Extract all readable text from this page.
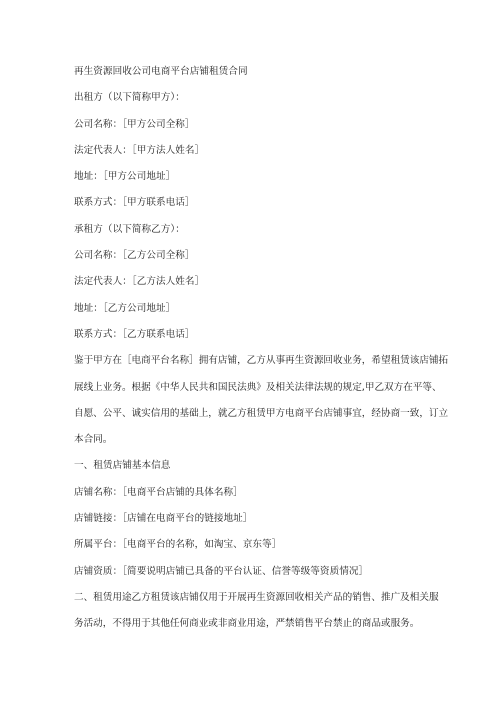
再生资源回收公司电商平台店铺租赁合同
出租方（以下简称甲方）：
公司名称：［甲方公司全称］
法定代表人：［甲方法人姓名］
地址：［甲方公司地址］
联系方式：［甲方联系电话］
承租方（以下简称乙方）：
公司名称：［乙方公司全称］
法定代表人：［乙方法人姓名］
地址：［乙方公司地址］
联系方式：［乙方联系电话］
鉴于甲方在［电商平台名称］拥有店铺，乙方从事再生资源回收业务，希望租赁该店铺拓
展线上业务。根据《中华人民共和国民法典》及相关法律法规的规定,甲乙双方在平等、
自愿、公平、诚实信用的基础上，就乙方租赁甲方电商平台店铺事宜，经协商一致，订立
本合同。
一、租赁店铺基本信息
店铺名称：［电商平台店铺的具体名称］
店铺链接：［店铺在电商平台的链接地址］
所属平台：［电商平台的名称，如淘宝、京东等］
店铺资质：［简要说明店铺已具备的平台认证、信誉等级等资质情况］
二、租赁用途乙方租赁该店铺仅用于开展再生资源回收相关产品的销售、推广及相关服
务活动，不得用于其他任何商业或非商业用途，严禁销售平台禁止的商品或服务。
